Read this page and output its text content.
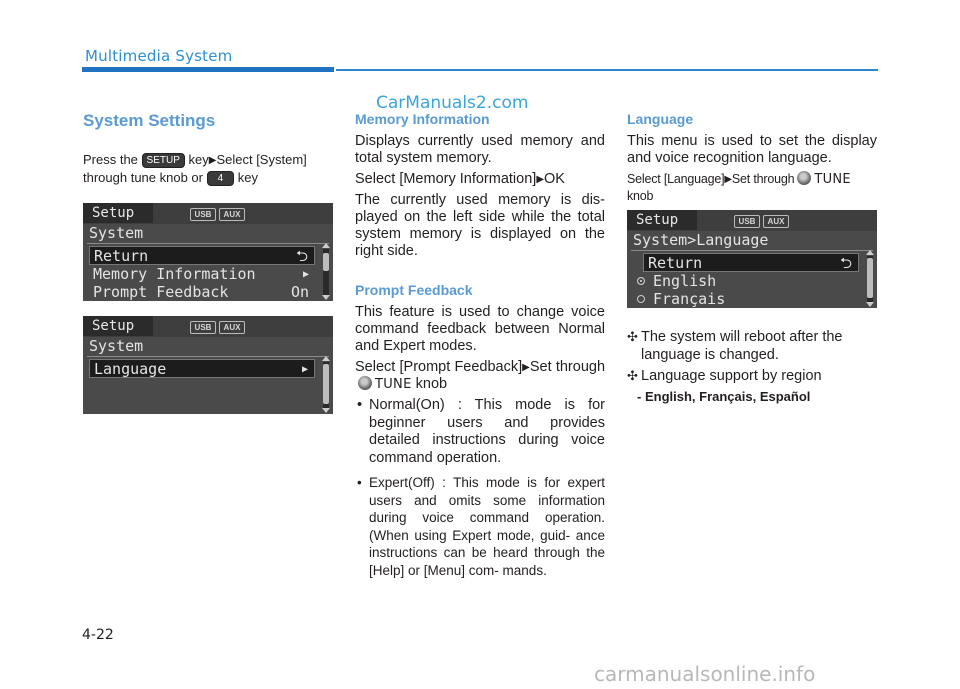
Multimedia System
CarManuals2.com
System Settings
Press the SETUP key▶Select [System] through tune knob or 4 key
Setup	USB	AUX
System
Return	⮌
Memory Information	▶
Prompt Feedback	On
Setup	USB	AUX
System
Language	▶
Memory Information

Displays currently used memory and total system memory.

Select [Memory Information]▶OK

The currently used memory is dis- played on the left side while the total system memory is displayed on the right side.

Prompt Feedback

This feature is used to change voice command feedback between Normal and Expert modes.

Select [Prompt Feedback]▶Set throughTUNE knob

• Normal(On) : This mode is for beginner users and provides detailed instructions during voice command operation.
• Expert(Off) : This mode is for expert users and omits some information during voice command operation. (When using Expert mode, guid- ance instructions can be heard through the [Help] or [Menu] com- mands.
Language

This menu is used to set the display and voice recognition language.

Select [Language]▶Set through TUNE knob

Setup	USB	AUX
System>Language
Return	⮌
English
Français
✣ The system will reboot after the language is changed.
✣ Language support by region
- English, Français, Español
4-22
carmanualsonline.info
